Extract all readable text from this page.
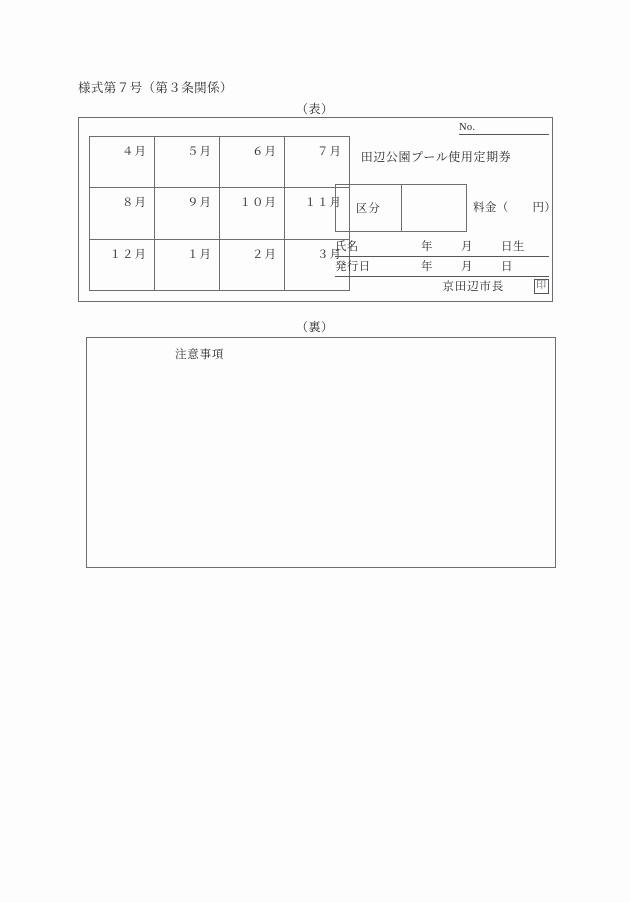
様式第７号（第３条関係）
（表）
４月	５月	６月	７月
８月	９月	１０月	１１月
１２月	１月	２月	３月
No.
田辺公園プール使用定期券
区分	料金（　　円）
氏名	年	月	日生
発行日	年	月	日
京田辺市長	印
（裏）
注意事項
